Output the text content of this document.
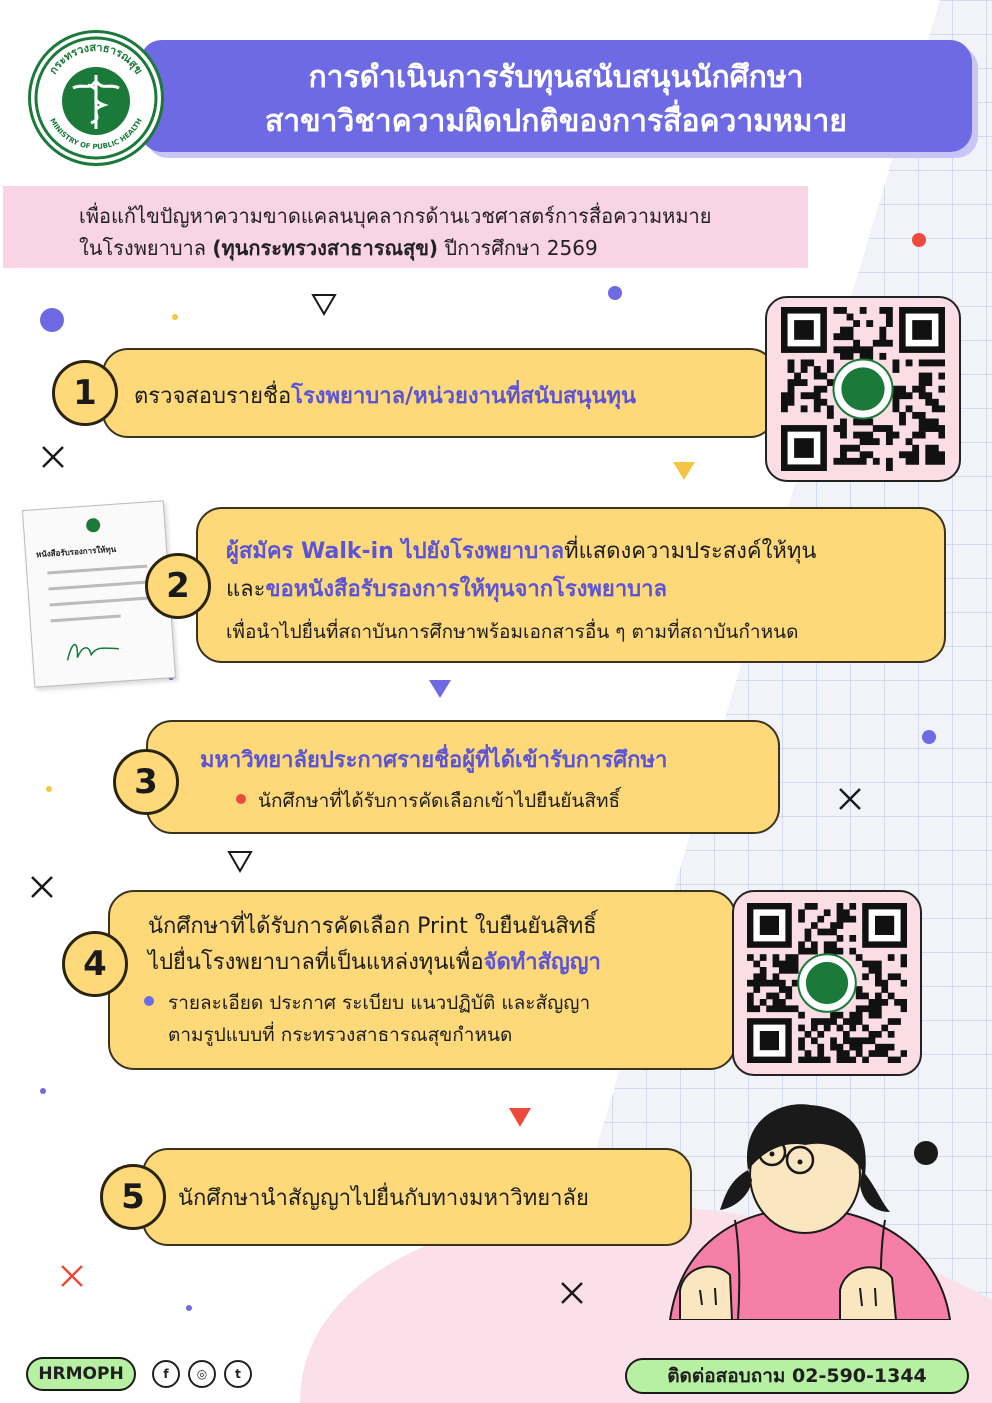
การดำเนินการรับทุนสนับสนุนนักศึกษา
สาขาวิชาความผิดปกติของการสื่อความหมาย
กระทรวงสาธารณสุข
MINISTRY OF PUBLIC HEALTH
เพื่อแก้ไขปัญหาความขาดแคลนบุคลากรด้านเวชศาสตร์การสื่อความหมาย
ในโรงพยาบาล (ทุนกระทรวงสาธารณสุข) ปีการศึกษา 2569
ตรวจสอบรายชื่อโรงพยาบาล/หน่วยงานที่สนับสนุนทุน
1
หนังสือรับรองการให้ทุน	ผู้สมัคร Walk-in ไปยังโรงพยาบาลที่แสดงความประสงค์ให้ทุน
และขอหนังสือรับรองการให้ทุนจากโรงพยาบาล
เพื่อนำไปยื่นที่สถาบันการศึกษาพร้อมเอกสารอื่น ๆ ตามที่สถาบันกำหนด
2
มหาวิทยาลัยประกาศรายชื่อผู้ที่ได้เข้ารับการศึกษา
นักศึกษาที่ได้รับการคัดเลือกเข้าไปยืนยันสิทธิ์
3
นักศึกษาที่ได้รับการคัดเลือก Print ใบยืนยันสิทธิ์
ไปยื่นโรงพยาบาลที่เป็นแหล่งทุนเพื่อจัดทำสัญญา
รายละเอียด ประกาศ ระเบียบ แนวปฏิบัติ และสัญญา
ตามรูปแบบที่ กระทรวงสาธารณสุขกำหนด
4
นักศึกษานำสัญญาไปยื่นกับทางมหาวิทยาลัย
5
HRMOPH	f	◎	t	ติดต่อสอบถาม 02-590-1344
